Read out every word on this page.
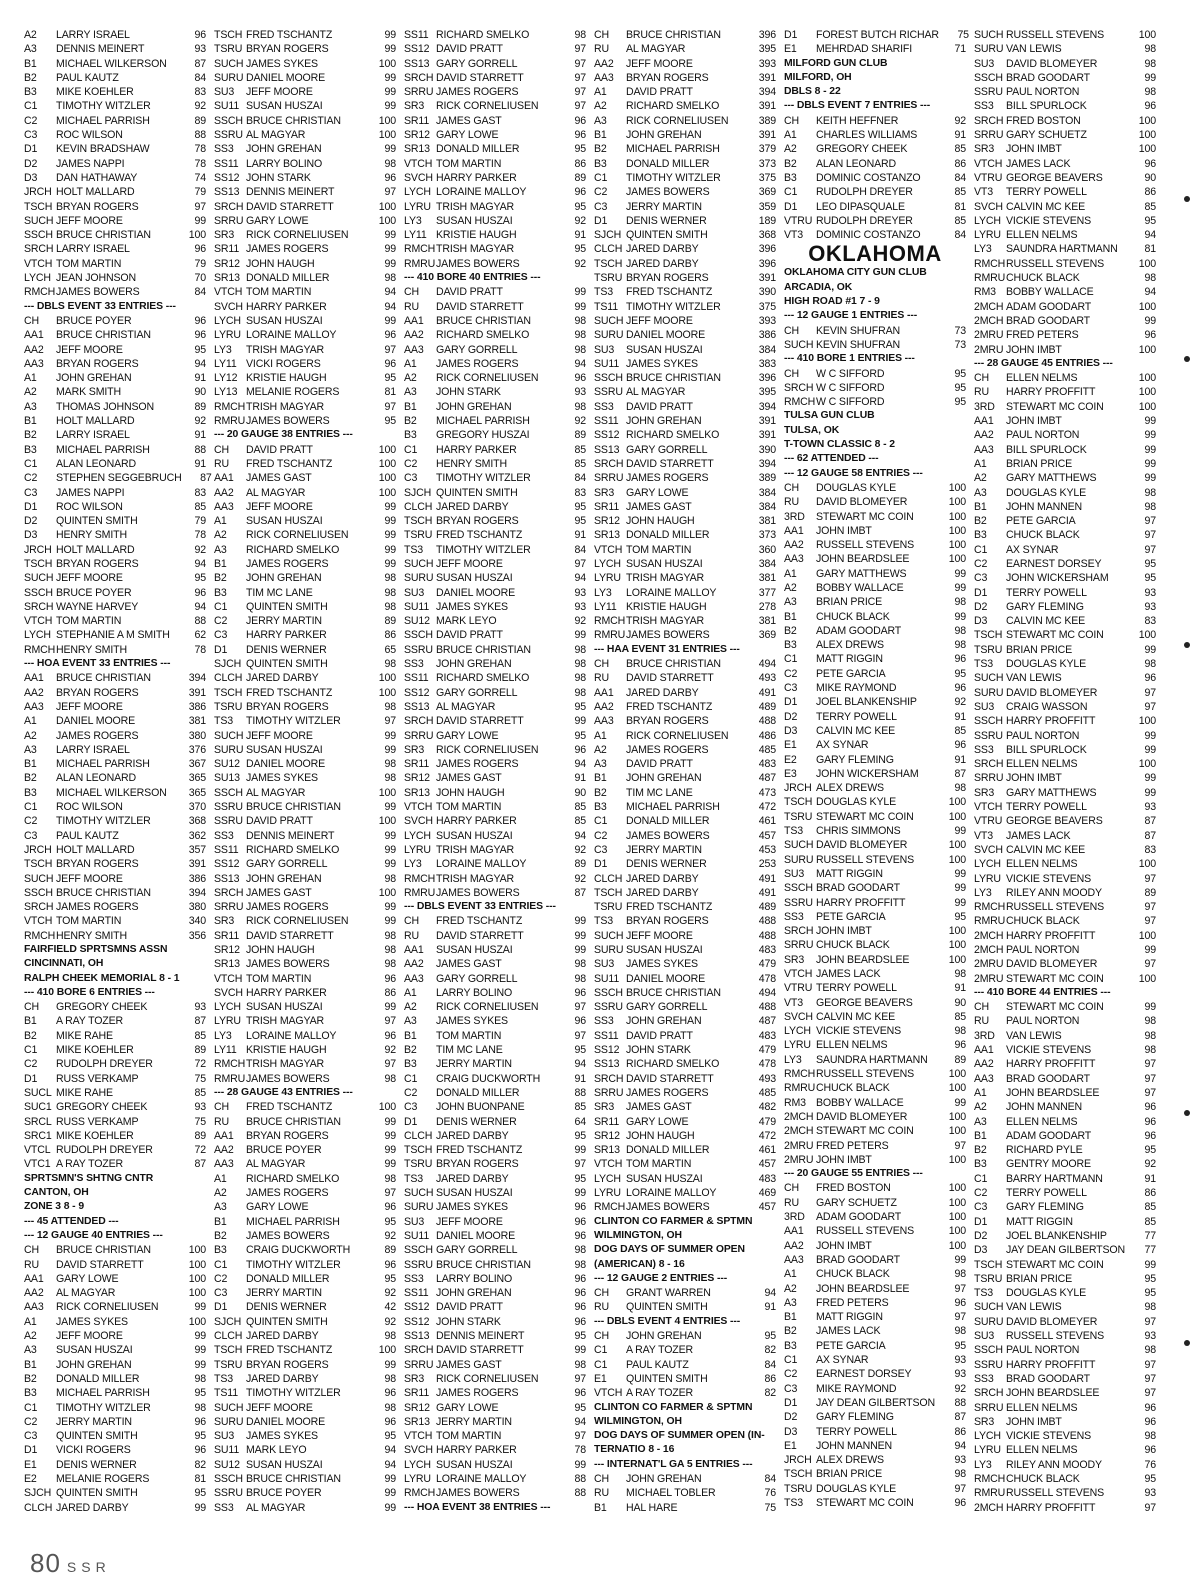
A2	LARRY ISRAEL	96
A3	DENNIS MEINERT	93
B1	MICHAEL WILKERSON	87
B2	PAUL KAUTZ	84
B3	MIKE KOEHLER	83
C1	TIMOTHY WITZLER	92
C2	MICHAEL PARRISH	89
C3	ROC WILSON	88
D1	KEVIN BRADSHAW	78
D2	JAMES NAPPI	78
D3	DAN HATHAWAY	74
JRCH HOLT MALLARD	79
TSCH BRYAN ROGERS	97
SUCH JEFF MOORE	99
SSCH BRUCE CHRISTIAN	100
SRCH LARRY ISRAEL	96
VTCH TOM MARTIN	79
LYCH JEAN JOHNSON	70
RMCH JAMES BOWERS	84
--- DBLS EVENT 33 ENTRIES ---
CH	BRUCE POYER	96
AA1	BRUCE CHRISTIAN	96
AA2	JEFF MOORE	95
AA3	BRYAN ROGERS	94
A1	JOHN GREHAN	91
A2	MARK SMITH	90
A3	THOMAS JOHNSON	89
B1	HOLT MALLARD	92
B2	LARRY ISRAEL	91
B3	MICHAEL PARRISH	88
C1	ALAN LEONARD	91
C2	STEPHEN SEGGEBRUCH	87
C3	JAMES NAPPI	83
D1	ROC WILSON	85
D2	QUINTEN SMITH	79
D3	HENRY SMITH	78
JRCH HOLT MALLARD	92
TSCH BRYAN ROGERS	94
SUCH JEFF MOORE	95
SSCH BRUCE POYER	96
SRCH WAYNE HARVEY	94
VTCH TOM MARTIN	88
LYCH STEPHANIE A M SMITH	62
RMCH HENRY SMITH	78
--- HOA EVENT 33 ENTRIES ---
AA1	BRUCE CHRISTIAN	394
AA2	BRYAN ROGERS	391
AA3	JEFF MOORE	386
A1	DANIEL MOORE	381
A2	JAMES ROGERS	380
A3	LARRY ISRAEL	376
B1	MICHAEL PARRISH	367
B2	ALAN LEONARD	365
B3	MICHAEL WILKERSON	365
C1	ROC WILSON	370
C2	TIMOTHY WITZLER	368
C3	PAUL KAUTZ	362
JRCH HOLT MALLARD	357
TSCH BRYAN ROGERS	391
SUCH JEFF MOORE	386
SSCH BRUCE CHRISTIAN	394
SRCH JAMES ROGERS	380
VTCH TOM MARTIN	340
RMCH HENRY SMITH	356
FAIRFIELD SPRTSMNS ASSN
CINCINNATI, OH
RALPH CHEEK MEMORIAL 8 - 1
--- 410 BORE 6 ENTRIES ---
CH	GREGORY CHEEK	93
B1	A RAY TOZER	87
B2	MIKE RAHE	85
C1	MIKE KOEHLER	89
C2	RUDOLPH DREYER	72
D1	RUSS VERKAMP	75
SUCL MIKE RAHE	85
SUC1 GREGORY CHEEK	93
SRCL RUSS VERKAMP	75
SRC1 MIKE KOEHLER	89
VTCL RUDOLPH DREYER	72
VTC1 A RAY TOZER	87
SPRTSMN'S SHTNG CNTR
CANTON, OH
ZONE 3 8 - 9
--- 45 ATTENDED ---
--- 12 GAUGE 40 ENTRIES ---
CH	BRUCE CHRISTIAN	100
RU	DAVID STARRETT	100
AA1	GARY LOWE	100
AA2	AL MAGYAR	100
AA3	RICK CORNELIUSEN	99
A1	JAMES SYKES	100
A2	JEFF MOORE	99
A3	SUSAN HUSZAI	99
B1	JOHN GREHAN	99
B2	DONALD MILLER	98
B3	MICHAEL PARRISH	95
C1	TIMOTHY WITZLER	98
C2	JERRY MARTIN	96
C3	QUINTEN SMITH	95
D1	VICKI ROGERS	96
E1	DENIS WERNER	82
E2	MELANIE ROGERS	81
SJCH QUINTEN SMITH	95
CLCH JARED DARBY	99
TSCH FRED TSCHANTZ	99
TSRU BRYAN ROGERS	99
SUCH JAMES SYKES	100
SURU DANIEL MOORE	99
SU3	JEFF MOORE	99
SU11 SUSAN HUSZAI	99
SSCH BRUCE CHRISTIAN	100
SSRU AL MAGYAR	100
SS3	JOHN GREHAN	99
SS11 LARRY BOLINO	98
SS12 JOHN STARK	96
SS13 DENNIS MEINERT	97
SRCH DAVID STARRETT	100
SRRU GARY LOWE	100
SR3	RICK CORNELIUSEN	99
SR11 JAMES ROGERS	99
SR12 JOHN HAUGH	99
SR13 DONALD MILLER	98
VTCH TOM MARTIN	94
SVCH HARRY PARKER	94
LYCH SUSAN HUSZAI	99
LYRU LORAINE MALLOY	96
LY3	TRISH MAGYAR	97
LY11 VICKI ROGERS	96
LY12 KRISTIE HAUGH	95
LY13 MELANIE ROGERS	81
RMCH TRISH MAGYAR	97
RMRU JAMES BOWERS	95
--- 20 GAUGE 38 ENTRIES ---
CH	DAVID PRATT	100
RU	FRED TSCHANTZ	100
AA1	JAMES GAST	100
AA2	AL MAGYAR	100
AA3	JEFF MOORE	99
A1	SUSAN HUSZAI	99
A2	RICK CORNELIUSEN	99
A3	RICHARD SMELKO	99
B1	JAMES ROGERS	99
B2	JOHN GREHAN	98
B3	TIM MC LANE	98
C1	QUINTEN SMITH	98
C2	JERRY MARTIN	89
C3	HARRY PARKER	86
D1	DENIS WERNER	65
SJCH QUINTEN SMITH	98
CLCH JARED DARBY	100
TSCH FRED TSCHANTZ	100
TSRU BRYAN ROGERS	98
TS3	TIMOTHY WITZLER	97
SUCH JEFF MOORE	99
SURU SUSAN HUSZAI	99
SU12 DANIEL MOORE	98
SU13 JAMES SYKES	98
SSCH AL MAGYAR	100
SSRU BRUCE CHRISTIAN	99
SSRU DAVID PRATT	100
SS3	DENNIS MEINERT	99
SS11 RICHARD SMELKO	99
SS12 GARY GORRELL	99
SS13 JOHN GREHAN	98
SRCH JAMES GAST	100
SRRU JAMES ROGERS	99
SR3	RICK CORNELIUSEN	99
SR11 DAVID STARRETT	98
SR12 JOHN HAUGH	98
SR13 JAMES BOWERS	98
VTCH TOM MARTIN	96
SVCH HARRY PARKER	86
LYCH SUSAN HUSZAI	99
LYRU TRISH MAGYAR	97
LY3	LORAINE MALLOY	96
LY11 KRISTIE HAUGH	92
RMCH TRISH MAGYAR	97
RMRU JAMES BOWERS	98
--- 28 GAUGE 43 ENTRIES ---
CH	FRED TSCHANTZ	100
RU	BRUCE CHRISTIAN	99
AA1	BRYAN ROGERS	99
AA2	BRUCE POYER	99
AA3	AL MAGYAR	99
A1	RICHARD SMELKO	98
A2	JAMES ROGERS	97
A3	GARY LOWE	96
B1	MICHAEL PARRISH	95
B2	JAMES BOWERS	92
B3	CRAIG DUCKWORTH	89
C1	TIMOTHY WITZLER	96
C2	DONALD MILLER	95
C3	JERRY MARTIN	92
D1	DENIS WERNER	42
SJCH QUINTEN SMITH	92
CLCH JARED DARBY	98
TSCH FRED TSCHANTZ	100
TSRU BRYAN ROGERS	99
TS3	JARED DARBY	98
TS11 TIMOTHY WITZLER	96
SUCH JEFF MOORE	98
SURU DANIEL MOORE	96
SU3	JAMES SYKES	95
SU11 MARK LEYO	94
SU12 SUSAN HUSZAI	94
SSCH BRUCE CHRISTIAN	99
SSRU BRUCE POYER	99
SS3	AL MAGYAR	99
SS11 RICHARD SMELKO	98
SS12 DAVID PRATT	97
SS13 GARY GORRELL	97
SRCH DAVID STARRETT	97
SRRU JAMES ROGERS	97
SR3	RICK CORNELIUSEN	97
SR11 JAMES GAST	96
SR12 GARY LOWE	96
SR13 DONALD MILLER	95
VTCH TOM MARTIN	86
SVCH HARRY PARKER	89
LYCH LORAINE MALLOY	96
LYRU TRISH MAGYAR	95
LY3	SUSAN HUSZAI	92
LY11 KRISTIE HAUGH	91
RMCH TRISH MAGYAR	95
RMRU JAMES BOWERS	92
--- 410 BORE 40 ENTRIES ---
CH	DAVID PRATT	99
RU	DAVID STARRETT	99
AA1	BRUCE CHRISTIAN	98
AA2	RICHARD SMELKO	98
AA3	GARY GORRELL	98
A1	JAMES ROGERS	94
A2	RICK CORNELIUSEN	96
A3	JOHN STARK	93
B1	JOHN GREHAN	98
B2	MICHAEL PARRISH	92
B3	GREGORY HUSZAI	89
C1	HARRY PARKER	85
C2	HENRY SMITH	85
C3	TIMOTHY WITZLER	84
SJCH QUINTEN SMITH	83
CLCH JARED DARBY	95
TSCH BRYAN ROGERS	95
TSRU FRED TSCHANTZ	91
TS3	TIMOTHY WITZLER	84
SUCH JEFF MOORE	97
SURU SUSAN HUSZAI	94
SU3	DANIEL MOORE	93
SU11 JAMES SYKES	93
SU12 MARK LEYO	92
SSCH DAVID PRATT	99
SSRU BRUCE CHRISTIAN	98
SS3	JOHN GREHAN	98
SS11 RICHARD SMELKO	98
SS12 GARY GORRELL	98
SS13 AL MAGYAR	95
SRCH DAVID STARRETT	99
SRRU GARY LOWE	95
SR3	RICK CORNELIUSEN	96
SR11 JAMES ROGERS	94
SR12 JAMES GAST	91
SR13 JOHN HAUGH	90
VTCH TOM MARTIN	85
SVCH HARRY PARKER	85
LYCH SUSAN HUSZAI	94
LYRU TRISH MAGYAR	92
LY3	LORAINE MALLOY	89
RMCH TRISH MAGYAR	92
RMRU JAMES BOWERS	87
--- DBLS EVENT 33 ENTRIES ---
CH	FRED TSCHANTZ	99
RU	DAVID STARRETT	99
AA1	SUSAN HUSZAI	99
AA2	JAMES GAST	98
AA3	GARY GORRELL	98
A1	LARRY BOLINO	96
A2	RICK CORNELIUSEN	97
A3	JAMES SYKES	96
B1	TOM MARTIN	97
B2	TIM MC LANE	95
B3	JERRY MARTIN	94
C1	CRAIG DUCKWORTH	91
C2	DONALD MILLER	88
C3	JOHN BUONPANE	85
D1	DENIS WERNER	64
CLCH JARED DARBY	95
TSCH FRED TSCHANTZ	99
TSRU BRYAN ROGERS	97
TS3	JARED DARBY	95
SUCH SUSAN HUSZAI	99
SURU JAMES SYKES	96
SU3	JEFF MOORE	96
SU11 DANIEL MOORE	96
SSCH GARY GORRELL	98
SSRU BRUCE CHRISTIAN	98
SS3	LARRY BOLINO	96
SS11 JOHN GREHAN	96
SS12 DAVID PRATT	96
SS12 JOHN STARK	96
SS13 DENNIS MEINERT	95
SRCH DAVID STARRETT	99
SRRU JAMES GAST	98
SR3	RICK CORNELIUSEN	97
SR11 JAMES ROGERS	96
SR12 GARY LOWE	95
SR13 JERRY MARTIN	94
VTCH TOM MARTIN	97
SVCH HARRY PARKER	78
LYCH SUSAN HUSZAI	99
LYRU LORAINE MALLOY	88
RMCH JAMES BOWERS	88
--- HOA EVENT 38 ENTRIES ---
CH	BRUCE CHRISTIAN	396
RU	AL MAGYAR	395
AA2	JEFF MOORE	393
AA3	BRYAN ROGERS	391
A1	DAVID PRATT	394
A2	RICHARD SMELKO	391
A3	RICK CORNELIUSEN	389
B1	JOHN GREHAN	391
B2	MICHAEL PARRISH	379
B3	DONALD MILLER	373
C1	TIMOTHY WITZLER	375
C2	JAMES BOWERS	369
C3	JERRY MARTIN	359
D1	DENIS WERNER	189
SJCH QUINTEN SMITH	368
CLCH JARED DARBY	396
TSCH JARED DARBY	396
TSRU BRYAN ROGERS	391
TS3	FRED TSCHANTZ	390
TS11 TIMOTHY WITZLER	375
SUCH JEFF MOORE	393
SURU DANIEL MOORE	386
SU3	SUSAN HUSZAI	384
SU11 JAMES SYKES	383
SSCH BRUCE CHRISTIAN	396
SSRU AL MAGYAR	395
SS3	DAVID PRATT	394
SS11 JOHN GREHAN	391
SS12 RICHARD SMELKO	391
SS13 GARY GORRELL	390
SRCH DAVID STARRETT	394
SRRU JAMES ROGERS	389
SR3	GARY LOWE	384
SR11 JAMES GAST	384
SR12 JOHN HAUGH	381
SR13 DONALD MILLER	373
VTCH TOM MARTIN	360
LYCH SUSAN HUSZAI	384
LYRU TRISH MAGYAR	381
LY3	LORAINE MALLOY	377
LY11 KRISTIE HAUGH	278
RMCH TRISH MAGYAR	381
RMRU JAMES BOWERS	369
--- HAA EVENT 31 ENTRIES ---
CH	BRUCE CHRISTIAN	494
RU	DAVID STARRETT	493
AA1	JARED DARBY	491
AA2	FRED TSCHANTZ	489
AA3	BRYAN ROGERS	488
A1	RICK CORNELIUSEN	486
A2	JAMES ROGERS	485
A3	DAVID PRATT	483
B1	JOHN GREHAN	487
B2	TIM MC LANE	473
B3	MICHAEL PARRISH	472
C1	DONALD MILLER	461
C2	JAMES BOWERS	457
C3	JERRY MARTIN	453
D1	DENIS WERNER	253
CLCH JARED DARBY	491
TSCH JARED DARBY	491
TSRU FRED TSCHANTZ	489
TS3	BRYAN ROGERS	488
SUCH JEFF MOORE	488
SURU SUSAN HUSZAI	483
SU3	JAMES SYKES	479
SU11 DANIEL MOORE	478
SSCH BRUCE CHRISTIAN	494
SSRU GARY GORRELL	488
SS3	JOHN GREHAN	487
SS11 DAVID PRATT	483
SS12 JOHN STARK	479
SS13 RICHARD SMELKO	478
SRCH DAVID STARRETT	493
SRRU JAMES ROGERS	485
SR3	JAMES GAST	482
SR11 GARY LOWE	479
SR12 JOHN HAUGH	472
SR13 DONALD MILLER	461
VTCH TOM MARTIN	457
LYCH SUSAN HUSZAI	483
LYRU LORAINE MALLOY	469
RMCH JAMES BOWERS	457
CLINTON CO FARMER & SPTMN
WILMINGTON, OH
DOG DAYS OF SUMMER OPEN
(AMERICAN) 8 - 16
--- 12 GAUGE 2 ENTRIES ---
CH	GRANT WARREN	94
RU	QUINTEN SMITH	91
--- DBLS EVENT 4 ENTRIES ---
CH	JOHN GREHAN	95
C1	A RAY TOZER	82
C1	PAUL KAUTZ	84
E1	QUINTEN SMITH	86
VTCH A RAY TOZER	82
CLINTON CO FARMER & SPTMN
WILMINGTON, OH
DOG DAYS OF SUMMER OPEN (IN-
TERNATIO 8 - 16
--- INTERNAT'L GA 5 ENTRIES ---
CH	JOHN GREHAN	84
RU	MICHAEL TOBLER	76
B1	HAL HARE	75
D1	FOREST BUTCH RICHAR	75
E1	MEHRDAD SHARIFI	71
MILFORD GUN CLUB
MILFORD, OH
DBLS 8 - 22
--- DBLS EVENT 7 ENTRIES ---
CH	KEITH HEFFNER	92
A1	CHARLES WILLIAMS	91
A2	GREGORY CHEEK	85
B2	ALAN LEONARD	86
B3	DOMINIC COSTANZO	84
C1	RUDOLPH DREYER	85
D1	LEO DIPASQUALE	81
VTRU RUDOLPH DREYER	85
VT3	DOMINIC COSTANZO	84
OKLAHOMA
OKLAHOMA CITY GUN CLUB
ARCADIA, OK
HIGH ROAD #1 7 - 9
--- 12 GAUGE 1 ENTRIES ---
CH	KEVIN SHUFRAN	73
SUCH KEVIN SHUFRAN	73
--- 410 BORE 1 ENTRIES ---
CH	W C SIFFORD	95
SRCH W C SIFFORD	95
RMCH W C SIFFORD	95
TULSA GUN CLUB
TULSA, OK
T-TOWN CLASSIC 8 - 2
--- 62 ATTENDED ---
--- 12 GAUGE 58 ENTRIES ---
CH	DOUGLAS KYLE	100
RU	DAVID BLOMEYER	100
3RD	STEWART MC COIN	100
AA1	JOHN IMBT	100
AA2	RUSSELL STEVENS	100
AA3	JOHN BEARDSLEE	100
A1	GARY MATTHEWS	99
A2	BOBBY WALLACE	99
A3	BRIAN PRICE	98
B1	CHUCK BLACK	99
B2	ADAM GOODART	98
B3	ALEX DREWS	98
C1	MATT RIGGIN	96
C2	PETE GARCIA	95
C3	MIKE RAYMOND	96
D1	JOEL BLANKENSHIP	92
D2	TERRY POWELL	91
D3	CALVIN MC KEE	85
E1	AX SYNAR	96
E2	GARY FLEMING	91
E3	JOHN WICKERSHAM	87
JRCH ALEX DREWS	98
TSCH DOUGLAS KYLE	100
TSRU STEWART MC COIN	100
TS3	CHRIS SIMMONS	99
SUCH DAVID BLOMEYER	100
SURU RUSSELL STEVENS	100
SU3	MATT RIGGIN	99
SSCH BRAD GOODART	99
SSRU HARRY PROFFITT	99
SS3	PETE GARCIA	95
SRCH JOHN IMBT	100
SRRU CHUCK BLACK	100
SR3	JOHN BEARDSLEE	100
VTCH JAMES LACK	98
VTRU TERRY POWELL	91
VT3	GEORGE BEAVERS	90
SVCH CALVIN MC KEE	85
LYCH VICKIE STEVENS	98
LYRU ELLEN NELMS	96
LY3	SAUNDRA HARTMANN	89
RMCH RUSSELL STEVENS	100
RMRU CHUCK BLACK	100
RM3 BOBBY WALLACE	99
2MCH DAVID BLOMEYER	100
2MCH STEWART MC COIN	100
2MRU FRED PETERS	97
2MRU JOHN IMBT	100
--- 20 GAUGE 55 ENTRIES ---
CH	FRED BOSTON	100
RU	GARY SCHUETZ	100
3RD	ADAM GOODART	100
AA1	RUSSELL STEVENS	100
AA2	JOHN IMBT	100
AA3	BRAD GOODART	99
A1	CHUCK BLACK	98
A2	JOHN BEARDSLEE	97
A3	FRED PETERS	96
B1	MATT RIGGIN	97
B2	JAMES LACK	98
B3	PETE GARCIA	95
C1	AX SYNAR	93
C2	EARNEST DORSEY	93
C3	MIKE RAYMOND	92
D1	JAY DEAN GILBERTSON	88
D2	GARY FLEMING	87
D3	TERRY POWELL	86
E1	JOHN MANNEN	94
JRCH ALEX DREWS	93
TSCH BRIAN PRICE	98
TSRU DOUGLAS KYLE	97
TS3	STEWART MC COIN	96
SUCH RUSSELL STEVENS	100
SURU VAN LEWIS	98
SU3	DAVID BLOMEYER	98
SSCH BRAD GOODART	99
SSRU PAUL NORTON	98
SS3	BILL SPURLOCK	96
SRCH FRED BOSTON	100
SRRU GARY SCHUETZ	100
SR3	JOHN IMBT	100
VTCH JAMES LACK	96
VTRU GEORGE BEAVERS	90
VT3	TERRY POWELL	86
SVCH CALVIN MC KEE	85
LYCH VICKIE STEVENS	95
LYRU ELLEN NELMS	94
LY3	SAUNDRA HARTMANN	81
RMCH RUSSELL STEVENS	100
RMRU CHUCK BLACK	98
RM3 BOBBY WALLACE	94
2MCH ADAM GOODART	100
2MCH BRAD GOODART	99
2MRU FRED PETERS	96
2MRU JOHN IMBT	100
--- 28 GAUGE 45 ENTRIES ---
CH	ELLEN NELMS	100
RU	HARRY PROFFITT	100
3RD	STEWART MC COIN	100
AA1	JOHN IMBT	99
AA2	PAUL NORTON	99
AA3	BILL SPURLOCK	99
A1	BRIAN PRICE	99
A2	GARY MATTHEWS	99
A3	DOUGLAS KYLE	98
B1	JOHN MANNEN	98
B2	PETE GARCIA	97
B3	CHUCK BLACK	97
C1	AX SYNAR	97
C2	EARNEST DORSEY	95
C3	JOHN WICKERSHAM	95
D1	TERRY POWELL	93
D2	GARY FLEMING	93
D3	CALVIN MC KEE	83
TSCH STEWART MC COIN	100
TSRU BRIAN PRICE	99
TS3	DOUGLAS KYLE	98
SUCH VAN LEWIS	96
SURU DAVID BLOMEYER	97
SU3	CRAIG WASSON	97
SSCH HARRY PROFFITT	100
SSRU PAUL NORTON	99
SS3	BILL SPURLOCK	99
SRCH ELLEN NELMS	100
SRRU JOHN IMBT	99
SR3	GARY MATTHEWS	99
VTCH TERRY POWELL	93
VTRU GEORGE BEAVERS	87
VT3	JAMES LACK	87
SVCH CALVIN MC KEE	83
LYCH ELLEN NELMS	100
LYRU VICKIE STEVENS	97
LY3	RILEY ANN MOODY	89
RMCH RUSSELL STEVENS	97
RMRU CHUCK BLACK	97
2MCH HARRY PROFFITT	100
2MCH PAUL NORTON	99
2MRU DAVID BLOMEYER	97
2MRU STEWART MC COIN	100
--- 410 BORE 44 ENTRIES ---
CH	STEWART MC COIN	99
RU	PAUL NORTON	98
3RD	VAN LEWIS	98
AA1	VICKIE STEVENS	98
AA2	HARRY PROFFITT	97
AA3	BRAD GOODART	97
A1	JOHN BEARDSLEE	97
A2	JOHN MANNEN	96
A3	ELLEN NELMS	96
B1	ADAM GOODART	96
B2	RICHARD PYLE	95
B3	GENTRY MOORE	92
C1	BARRY HARTMANN	91
C2	TERRY POWELL	86
C3	GARY FLEMING	85
D1	MATT RIGGIN	85
D2	JOEL BLANKENSHIP	77
D3	JAY DEAN GILBERTSON	77
TSCH STEWART MC COIN	99
TSRU BRIAN PRICE	95
TS3	DOUGLAS KYLE	95
SUCH VAN LEWIS	98
SURU DAVID BLOMEYER	97
SU3	RUSSELL STEVENS	93
SSCH PAUL NORTON	98
SSRU HARRY PROFFITT	97
SS3	BRAD GOODART	97
SRCH JOHN BEARDSLEE	97
SRRU ELLEN NELMS	96
SR3	JOHN IMBT	96
LYCH VICKIE STEVENS	98
LYRU ELLEN NELMS	96
LY3	RILEY ANN MOODY	76
RMCH CHUCK BLACK	95
RMRU RUSSELL STEVENS	93
2MCH HARRY PROFFITT	97
80 SSR
